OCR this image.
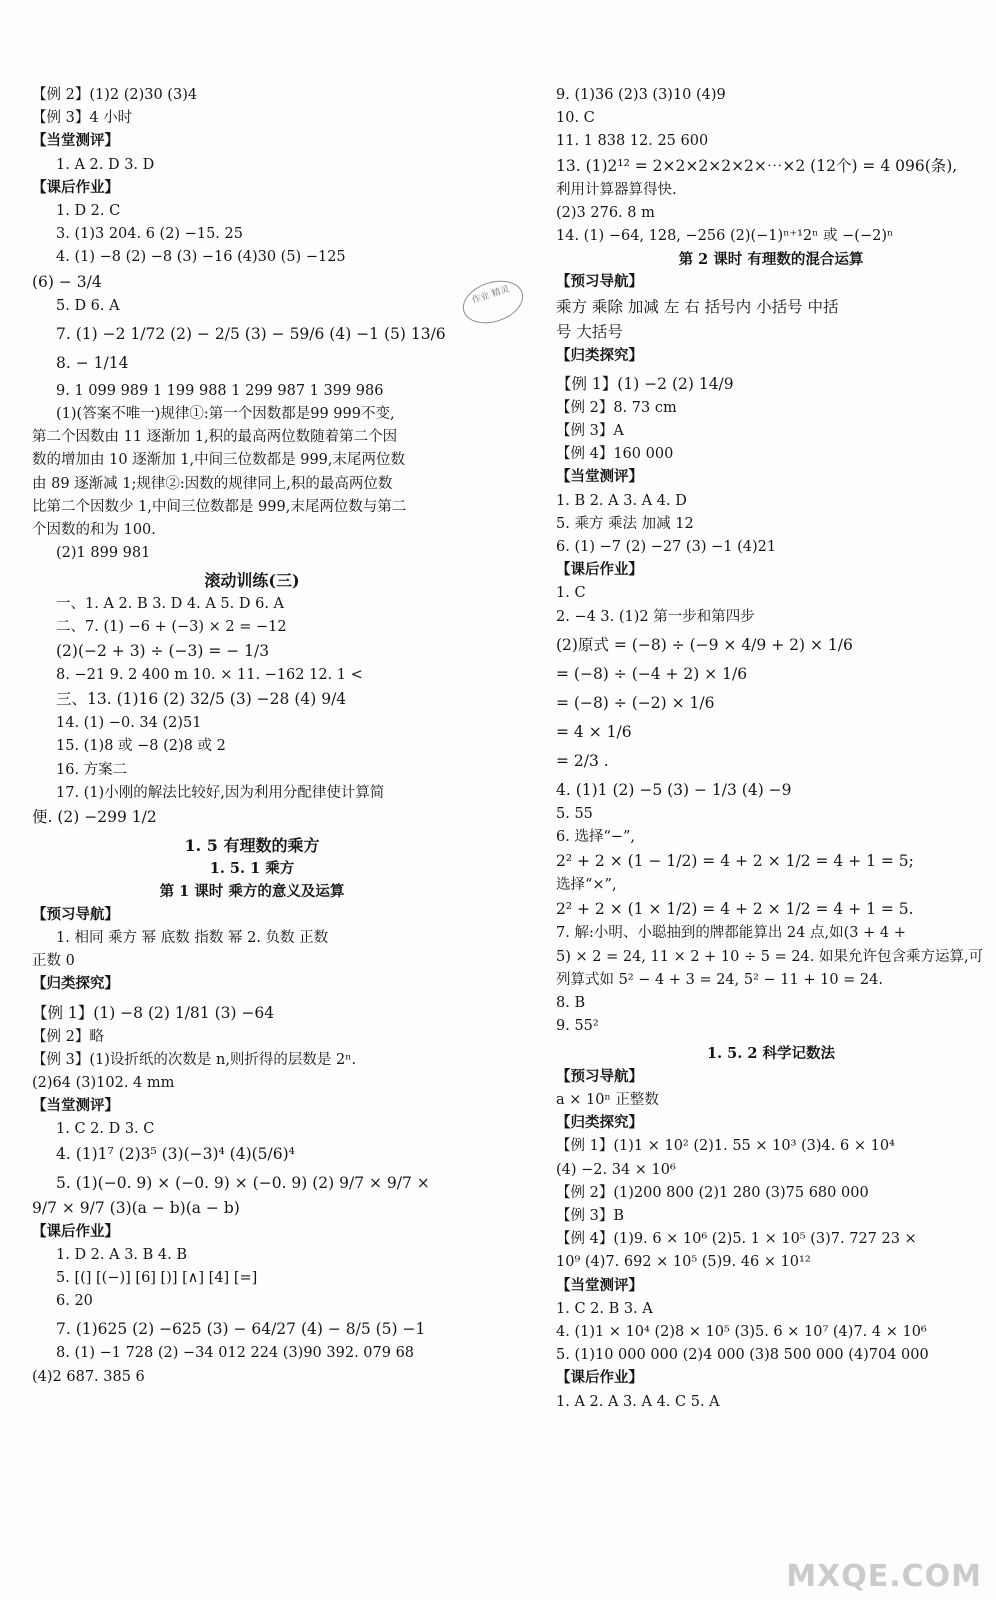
【例 2】(1)2 (2)30 (3)4
【例 3】4 小时
【当堂测评】
1. A 2. D 3. D
【课后作业】
1. D 2. C
3. (1)3 204. 6 (2) −15. 25
4. (1) −8 (2) −8 (3) −16 (4)30 (5) −125
(6) − 3/4
5. D 6. A
7. (1) −2 1/72 (2) − 2/5 (3) − 59/6 (4) −1 (5) 13/6
8. − 1/14
9. 1 099 989 1 199 988 1 299 987 1 399 986
(1)(答案不唯一)规律①:第一个因数都是99 999不变,
第二个因数由 11 逐渐加 1,积的最高两位数随着第二个因
数的增加由 10 逐渐加 1,中间三位数都是 999,末尾两位数
由 89 逐渐减 1;规律②:因数的规律同上,积的最高两位数
比第二个因数少 1,中间三位数都是 999,末尾两位数与第二
个因数的和为 100.
(2)1 899 981
滚动训练(三)
一、1. A 2. B 3. D 4. A 5. D 6. A
二、7. (1) −6 + (−3) × 2 = −12
(2)(−2 + 3) ÷ (−3) = − 1/3
8. −21 9. 2 400 m 10. × 11. −162 12. 1 <
三、13. (1)16 (2) 32/5 (3) −28 (4) 9/4
14. (1) −0. 34 (2)51
15. (1)8 或 −8 (2)8 或 2
16. 方案二
17. (1)小刚的解法比较好,因为利用分配律使计算简
便. (2) −299 1/2
1. 5 有理数的乘方
1. 5. 1 乘方
第 1 课时 乘方的意义及运算
【预习导航】
1. 相同 乘方 幂 底数 指数 幂 2. 负数 正数
正数 0
【归类探究】
【例 1】(1) −8 (2) 1/81 (3) −64
【例 2】略
【例 3】(1)设折纸的次数是 n,则折得的层数是 2ⁿ.
(2)64 (3)102. 4 mm
【当堂测评】
1. C 2. D 3. C
4. (1)1⁷ (2)3⁵ (3)(−3)⁴ (4)(5/6)⁴
5. (1)(−0. 9) × (−0. 9) × (−0. 9) (2) 9/7 × 9/7 ×
9/7 × 9/7 (3)(a − b)(a − b)
【课后作业】
1. D 2. A 3. B 4. B
5. [(] [(−)] [6] [)] [∧] [4] [=]
6. 20
7. (1)625 (2) −625 (3) − 64/27 (4) − 8/5 (5) −1
8. (1) −1 728 (2) −34 012 224 (3)90 392. 079 68
(4)2 687. 385 6
作业 精灵
9. (1)36 (2)3 (3)10 (4)9
10. C
11. 1 838 12. 25 600
13. (1)2¹² = 2×2×2×2×2×⋯×2 (12个) = 4 096(条),
利用计算器算得快.
(2)3 276. 8 m
14. (1) −64, 128, −256 (2)(−1)ⁿ⁺¹2ⁿ 或 −(−2)ⁿ
第 2 课时 有理数的混合运算
【预习导航】
乘方 乘除 加减 左 右 括号内 小括号 中括
号 大括号
【归类探究】
【例 1】(1) −2 (2) 14/9
【例 2】8. 73 cm
【例 3】A
【例 4】160 000
【当堂测评】
1. B 2. A 3. A 4. D
5. 乘方 乘法 加减 12
6. (1) −7 (2) −27 (3) −1 (4)21
【课后作业】
1. C
2. −4 3. (1)2 第一步和第四步
(2)原式 = (−8) ÷ (−9 × 4/9 + 2) × 1/6
= (−8) ÷ (−4 + 2) × 1/6
= (−8) ÷ (−2) × 1/6
= 4 × 1/6
= 2/3 .
4. (1)1 (2) −5 (3) − 1/3 (4) −9
5. 55
6. 选择“−”,
2² + 2 × (1 − 1/2) = 4 + 2 × 1/2 = 4 + 1 = 5;
选择“×”,
2² + 2 × (1 × 1/2) = 4 + 2 × 1/2 = 4 + 1 = 5.
7. 解:小明、小聪抽到的牌都能算出 24 点,如(3 + 4 +
5) × 2 = 24, 11 × 2 + 10 ÷ 5 = 24. 如果允许包含乘方运算,可
列算式如 5² − 4 + 3 = 24, 5² − 11 + 10 = 24.
8. B
9. 55²
1. 5. 2 科学记数法
【预习导航】
a × 10ⁿ 正整数
【归类探究】
【例 1】(1)1 × 10² (2)1. 55 × 10³ (3)4. 6 × 10⁴
(4) −2. 34 × 10⁶
【例 2】(1)200 800 (2)1 280 (3)75 680 000
【例 3】B
【例 4】(1)9. 6 × 10⁶ (2)5. 1 × 10⁵ (3)7. 727 23 ×
10⁹ (4)7. 692 × 10⁵ (5)9. 46 × 10¹²
【当堂测评】
1. C 2. B 3. A
4. (1)1 × 10⁴ (2)8 × 10⁵ (3)5. 6 × 10⁷ (4)7. 4 × 10⁶
5. (1)10 000 000 (2)4 000 (3)8 500 000 (4)704 000
【课后作业】
1. A 2. A 3. A 4. C 5. A
MXQE.COM
